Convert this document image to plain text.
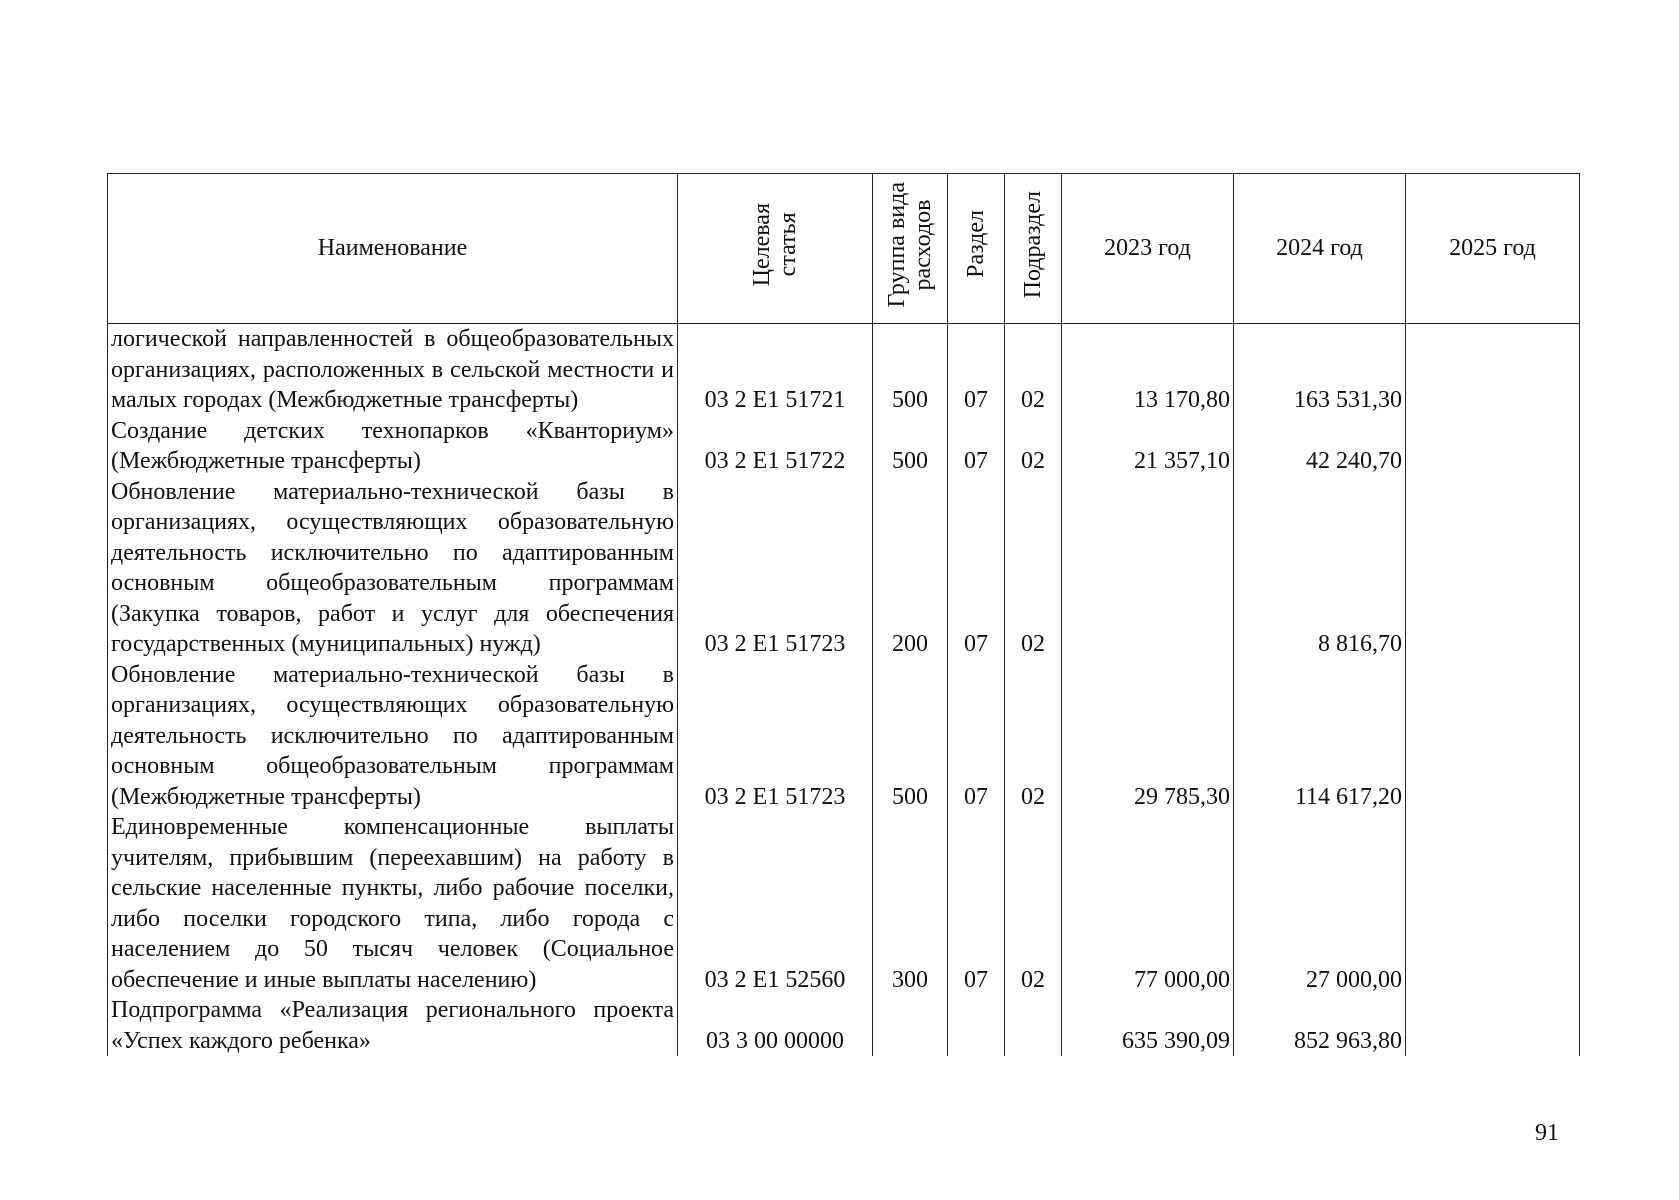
Наименование	Целевая статья	Группа вида расходов	Раздел	Подраздел	2023 год	2024 год	2025 год
логической направленностей в общеобразовательных организациях, расположенных в сельской местности и малых городах (Межбюджетные трансферты)	03 2 E1 51721	500	07	02	13 170,80	163 531,30	
Создание детских технопарков «Кванториум» (Межбюджетные трансферты)	03 2 E1 51722	500	07	02	21 357,10	42 240,70	
Обновление материально-технической базы в организациях, осуществляющих образовательную деятельность исключительно по адаптированным основным общеобразовательным программам (Закупка товаров, работ и услуг для обеспечения государственных (муниципальных) нужд)	03 2 E1 51723	200	07	02		8 816,70	
Обновление материально-технической базы в организациях, осуществляющих образовательную деятельность исключительно по адаптированным основным общеобразовательным программам (Межбюджетные трансферты)	03 2 E1 51723	500	07	02	29 785,30	114 617,20	
Единовременные компенсационные выплаты учителям, прибывшим (переехавшим) на работу в сельские населенные пункты, либо рабочие поселки, либо поселки городского типа, либо города с населением до 50 тысяч человек (Социальное обеспечение и иные выплаты населению)	03 2 E1 52560	300	07	02	77 000,00	27 000,00	
Подпрограмма «Реализация регионального проекта «Успех каждого ребенка»	03 3 00 00000				635 390,09	852 963,80	
91
